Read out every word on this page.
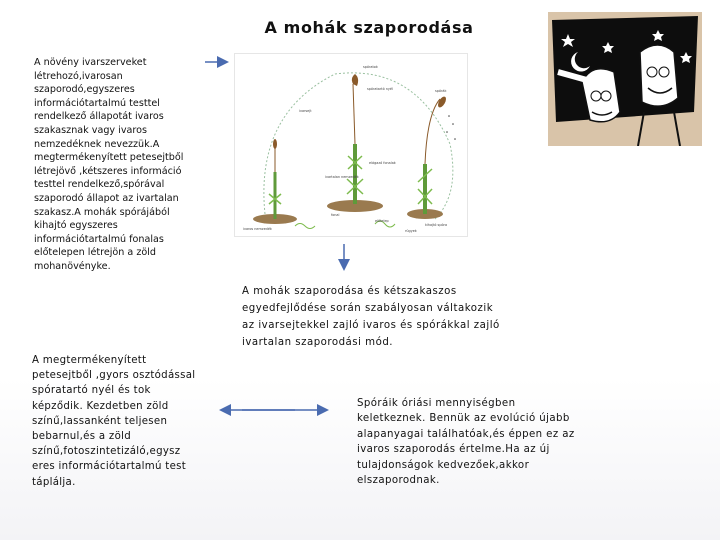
A mohák szaporodása
A növény ivarszerveket létrehozó,ivarosan szaporodó,egyszeres információtartalmú testtel rendelkező állapotát ivaros szakasznak vagy ivaros nemzedéknek nevezzük.A megtermékenyített petesejtből létrejövő ,kétszeres információ testtel rendelkező,spórával szaporodó állapot az ivartalan szakasz.A mohák spórájából kihajtó egyszeres információtartalmú fonalas előtelepen létrejön a zöld mohanövényke.
spóratok
spóratartó nyél	spórák
ivarsejt
elágazó fonalak
előtelep
rügyek
ivaros nemzedék
ivartalan nemzedék
fonal
kihajtó spóra
A mohák szaporodása és kétszakaszos egyedfejlődése során szabályosan váltakozik az ivarsejtekkel zajló ivaros és spórákkal zajló ivartalan szaporodási mód.
A megtermékenyített petesejtből ,gyors osztódással spóratartó nyél és tok képződik. Kezdetben zöld színű,lassanként teljesen bebarnul,és a zöld színű,fotoszintetizáló,egysz eres információtartalmú test táplálja.
Spóráik óriási mennyiségben keletkeznek. Bennük az evolúció újabb alapanyagai találhatóak,és éppen ez az ivaros szaporodás értelme.Ha az új tulajdonságok kedvezőek,akkor elszaporodnak.
